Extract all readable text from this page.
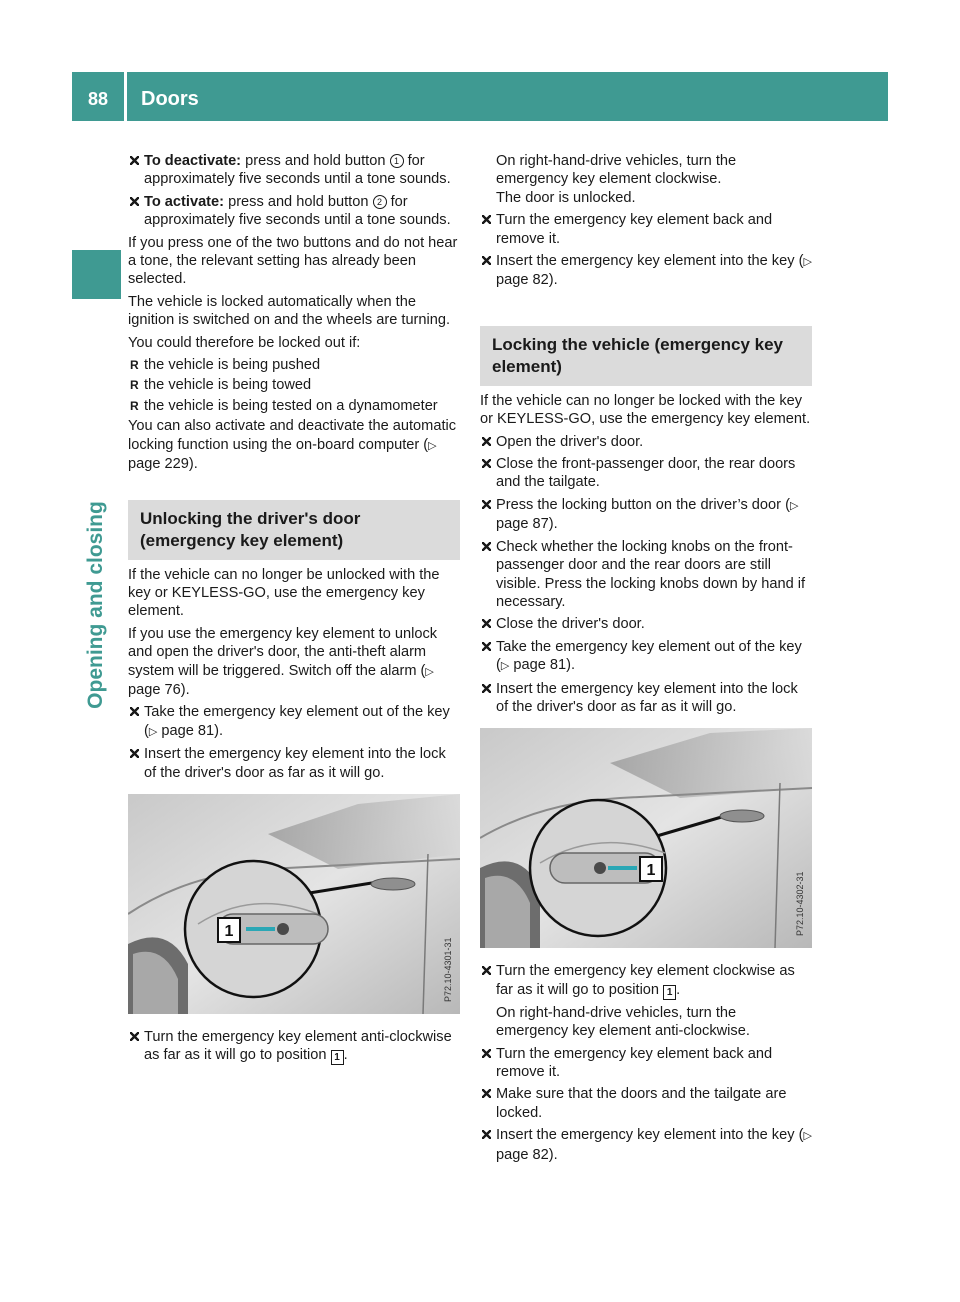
88	Doors
Opening and closing
To deactivate: press and hold button 1 for approximately five seconds until a tone sounds.
To activate: press and hold button 2 for approximately five seconds until a tone sounds.

If you press one of the two buttons and do not hear a tone, the relevant setting has already been selected.

The vehicle is locked automatically when the ignition is switched on and the wheels are turning.

You could therefore be locked out if:

R the vehicle is being pushed
R the vehicle is being towed
R the vehicle is being tested on a dynamometer

You can also activate and deactivate the automatic locking function using the on-board computer (▷ page 229).

Unlocking the driver's door (emergency key element)

If the vehicle can no longer be unlocked with the key or KEYLESS-GO, use the emergency key element.

If you use the emergency key element to unlock and open the driver's door, the anti-theft alarm system will be triggered. Switch off the alarm (▷ page 76).

Take the emergency key element out of the key (▷ page 81).
Insert the emergency key element into the lock of the driver's door as far as it will go.
1
P72.10-4301-31
Turn the emergency key element anti-clockwise as far as it will go to position 1 .

On right-hand-drive vehicles, turn the emergency key element clockwise.

The door is unlocked.

Turn the emergency key element back and remove it.
Insert the emergency key element into the key (▷ page 82).
Locking the vehicle (emergency key element)

If the vehicle can no longer be locked with the key or KEYLESS-GO, use the emergency key element.

Open the driver's door.
Close the front-passenger door, the rear doors and the tailgate.
Press the locking button on the driver’s door (▷ page 87).
Check whether the locking knobs on the front-passenger door and the rear doors are still visible. Press the locking knobs down by hand if necessary.
Close the driver's door.
Take the emergency key element out of the key (▷ page 81).
Insert the emergency key element into the lock of the driver's door as far as it will go.
1
P72.10-4302-31
Turn the emergency key element clockwise as far as it will go to position 1 .

On right-hand-drive vehicles, turn the emergency key element anti-clockwise.

Turn the emergency key element back and remove it.
Make sure that the doors and the tailgate are locked.
Insert the emergency key element into the key (▷ page 82).
